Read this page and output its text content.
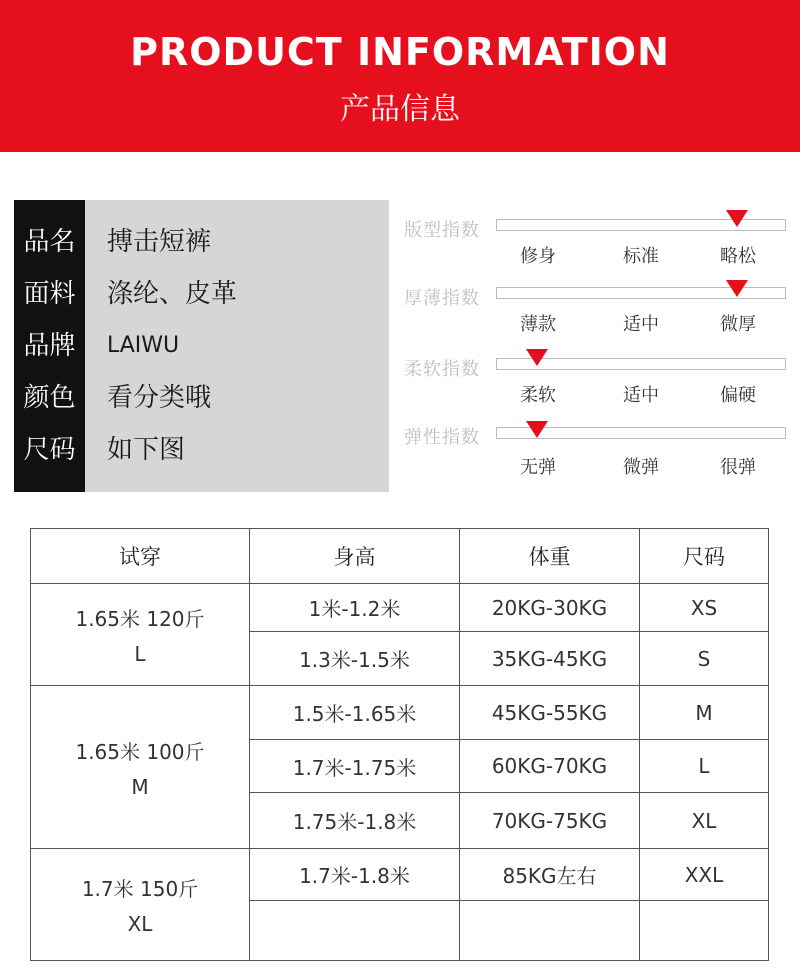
PRODUCT INFORMATION
产品信息
品名	搏击短裤
面料	涤纶、皮革
品牌	LAIWU
颜色	看分类哦
尺码	如下图
版型指数
修身	标准	略松
厚薄指数
薄款	适中	微厚
柔软指数
柔软	适中	偏硬
弹性指数
无弹	微弹	很弹
试穿	身高	体重	尺码

1.65米 120斤
L	1米-1.2米	20KG-30KG	XS
	1.3米-1.5米	35KG-45KG	S

1.65米 100斤
M	1.5米-1.65米	45KG-55KG	M
	1.7米-1.75米	60KG-70KG	L
	1.75米-1.8米	70KG-75KG	XL

1.7米 150斤
XL	1.7米-1.8米	85KG左右	XXL
